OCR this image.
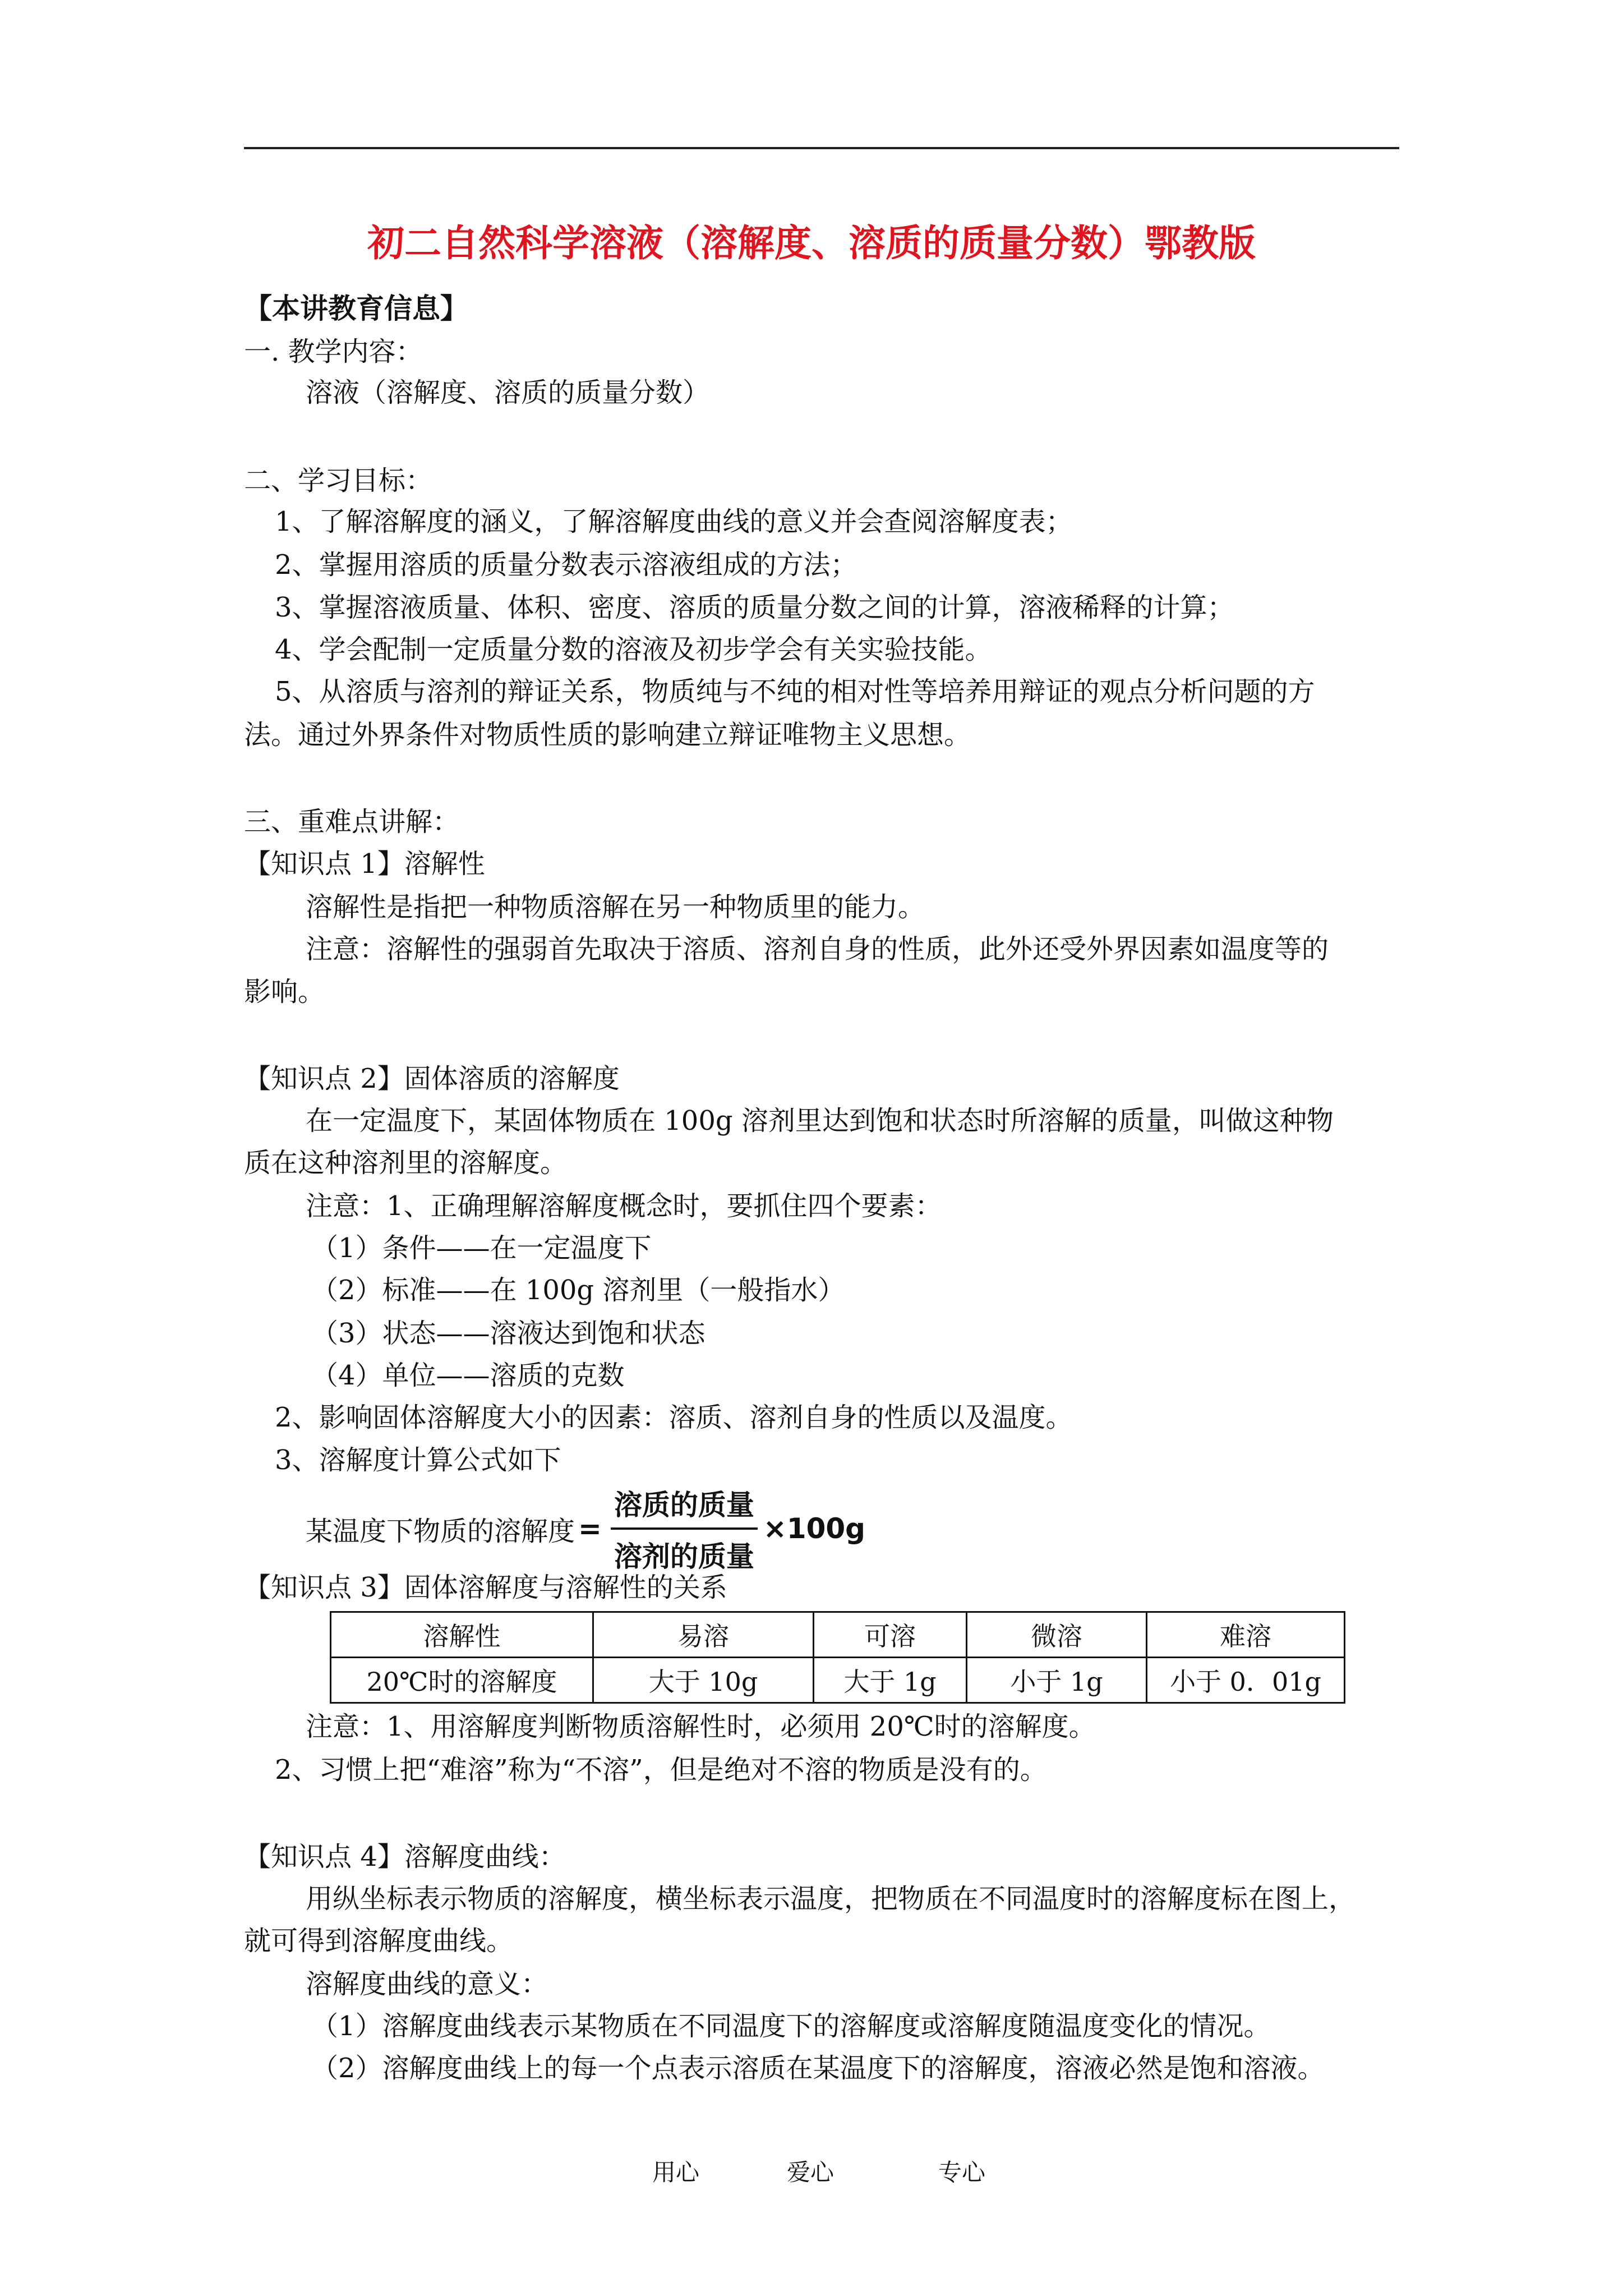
初二自然科学溶液（溶解度、溶质的质量分数）鄂教版
【本讲教育信息】
一. 教学内容：
溶液（溶解度、溶质的质量分数）
二、学习目标：
1、了解溶解度的涵义，了解溶解度曲线的意义并会查阅溶解度表；
2、掌握用溶质的质量分数表示溶液组成的方法；
3、掌握溶液质量、体积、密度、溶质的质量分数之间的计算，溶液稀释的计算；
4、学会配制一定质量分数的溶液及初步学会有关实验技能。
5、从溶质与溶剂的辩证关系，物质纯与不纯的相对性等培养用辩证的观点分析问题的方
法。通过外界条件对物质性质的影响建立辩证唯物主义思想。
三、重难点讲解：
【知识点 1】溶解性
溶解性是指把一种物质溶解在另一种物质里的能力。
注意：溶解性的强弱首先取决于溶质、溶剂自身的性质，此外还受外界因素如温度等的
影响。
【知识点 2】固体溶质的溶解度
在一定温度下，某固体物质在 100g 溶剂里达到饱和状态时所溶解的质量，叫做这种物
质在这种溶剂里的溶解度。
注意：1、正确理解溶解度概念时，要抓住四个要素：
（1）条件——在一定温度下
（2）标准——在 100g 溶剂里（一般指水）
（3）状态——溶液达到饱和状态
（4）单位——溶质的克数
2、影响固体溶解度大小的因素：溶质、溶剂自身的性质以及温度。
3、溶解度计算公式如下
某温度下物质的溶解度 = $\frac{\text{溶质的质量}}{\text{溶剂的质量}} \times 100g$
【知识点 3】固体溶解度与溶解性的关系
溶解性	易溶	可溶	微溶	难溶
20℃时的溶解度	大于 10g	大于 1g	小于 1g	小于 0．01g
注意：1、用溶解度判断物质溶解性时，必须用 20℃时的溶解度。
2、习惯上把“难溶”称为“不溶”，但是绝对不溶的物质是没有的。
【知识点 4】溶解度曲线：
用纵坐标表示物质的溶解度，横坐标表示温度，把物质在不同温度时的溶解度标在图上，
就可得到溶解度曲线。
溶解度曲线的意义：
（1）溶解度曲线表示某物质在不同温度下的溶解度或溶解度随温度变化的情况。
（2）溶解度曲线上的每一个点表示溶质在某温度下的溶解度，溶液必然是饱和溶液。
用心	爱心	专心
